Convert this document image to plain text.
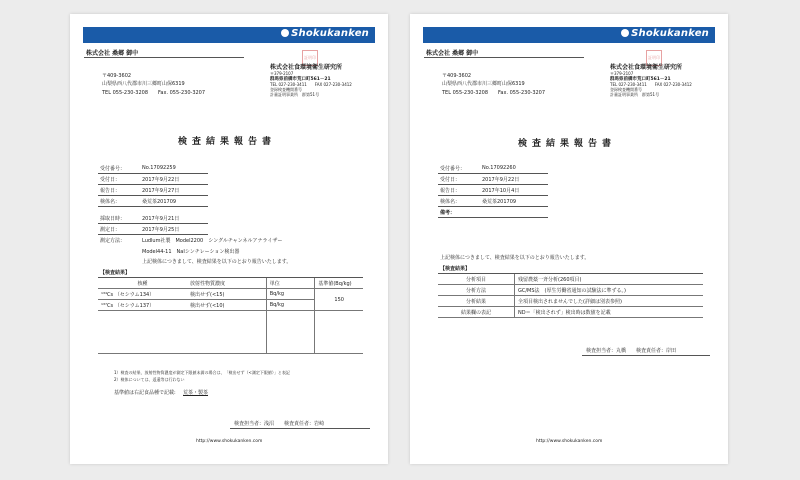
Shokukanken
株式会社 桑郷 御中
〒409-3602
山梨県西八代郡市川三郷町山保6319
TEL 055-230-3208　　Fax. 055-230-3207
証明印
株式会社食環境衛生研究所
〒379-2107
群馬県前橋市荒口町561－21
TEL 027-230-3411　　FAX 027-230-3412
登録検査機関番号　　　　
計量証明事業所　群第51号
検査結果報告書
受付番号：	No.17092259
受付日：	2017年9月22日
報告日：	2017年9月27日
検体名：	桑荒茶201709
採取日時：	2017年9月21日
測定日：	2017年9月25日
測定方法：	Ludlum社製　Model2200　シングルチャンネルアナライザー
Model44-11　NaIシンチレーション検出器
上記検体につきまして、検査結果を以下のとおり報告いたします。
【検査結果】
核種	放射性物質濃度	単位	基準値(Bq/kg)
¹³⁴Cs （セシウム134）	検出せず(<15)	Bq/kg	150
¹³⁷Cs （セシウム137）	検出せず(<10)	Bq/kg	

1）検査の結果、放射性物質濃度が測定下限値未満の場合は、「検出せず（<測定下限値）」と表記
2）検体については、返還等は行わない
基準値は右記食品種で記載: 荒茶・製茶
検査担当者：浅沼　　検査責任者：岩崎
http://www.shokukanken.com
Shokukanken
株式会社 桑郷 御中
〒409-3602
山梨県西八代郡市川三郷町山保6319
TEL 055-230-3208　　Fax. 055-230-3207
証明印
株式会社食環境衛生研究所
〒379-2107
群馬県前橋市荒口町561－21
TEL 027-230-3411　　FAX 027-230-3412
登録検査機関番号　　　　
計量証明事業所　群第51号
検査結果報告書
受付番号：	No.17092260
受付日：	2017年9月22日
報告日：	2017年10月4日
検体名：	桑荒茶201709
備考：
上記検体につきまして、検査結果を以下のとおり報告いたします。
【検査結果】
分析項目	残留農薬一斉分析(260項目)
分析方法	GC/MS法　(厚生労働省通知の試験法に準ずる。)
分析結果	全項目検出されませんでした(詳細は別表参照)
結果欄の表記	ND＝「検出されず」検出時は数値を記載
検査担当者：丸橋　　検査責任者：岸田
http://www.shokukanken.com
